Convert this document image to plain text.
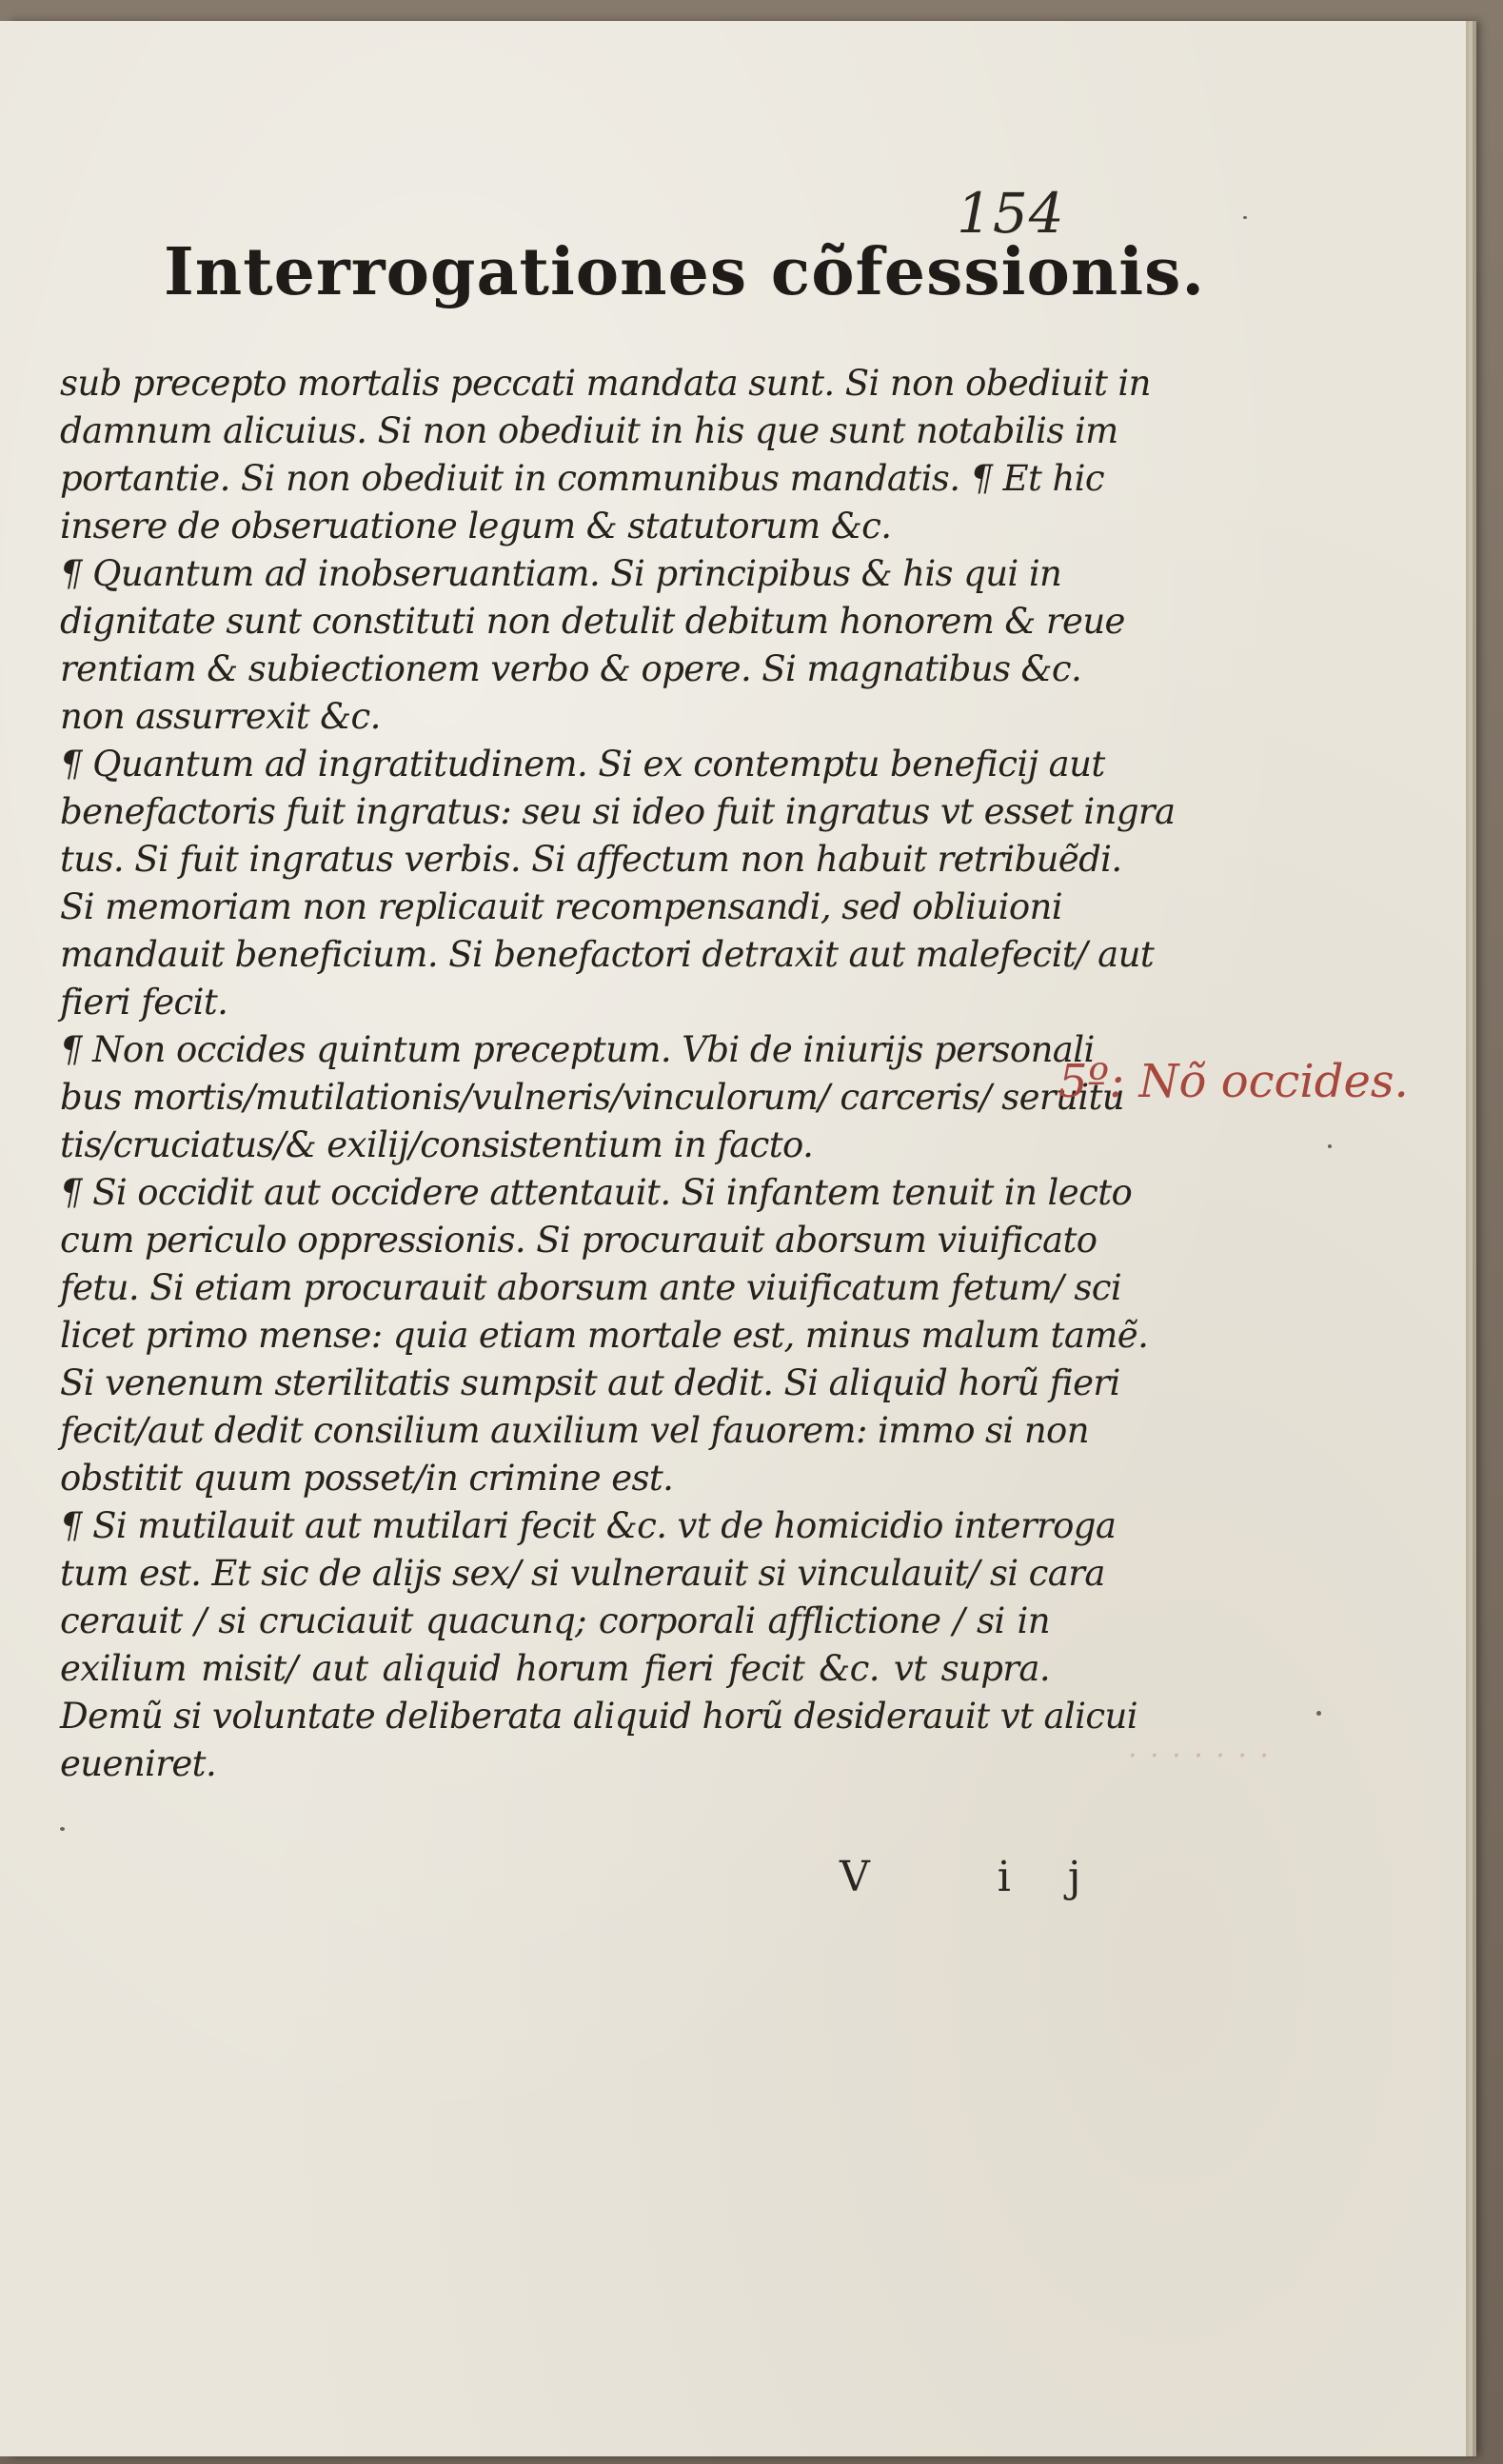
154
Interrogationes cõfessionis.
sub precepto mortalis peccati mandata sunt. Si non obediuit in
damnum alicuius. Si non obediuit in his que sunt notabilis im
portantie. Si non obediuit in communibus mandatis. ¶ Et hic
insere de obseruatione legum & statutorum &c.
¶ Quantum ad inobseruantiam. Si principibus & his qui in
dignitate sunt constituti non detulit debitum honorem & reue
rentiam & subiectionem verbo & opere. Si magnatibus &c.
non assurrexit &c.
¶ Quantum ad ingratitudinem. Si ex contemptu beneficij aut
benefactoris fuit ingratus: seu si ideo fuit ingratus vt esset ingra
tus. Si fuit ingratus verbis. Si affectum non habuit retribuẽdi.
Si memoriam non replicauit recompensandi, sed obliuioni
mandauit beneficium. Si benefactori detraxit aut malefecit/ aut
fieri fecit.
¶ Non occides quintum preceptum. Vbi de iniurijs personali
bus mortis/mutilationis/vulneris/vinculorum/ carceris/ seruitu
tis/cruciatus/& exilij/consistentium in facto.
¶ Si occidit aut occidere attentauit. Si infantem tenuit in lecto
cum periculo oppressionis. Si procurauit aborsum viuificato
fetu. Si etiam procurauit aborsum ante viuificatum fetum/ sci
licet primo mense: quia etiam mortale est, minus malum tamẽ.
Si venenum sterilitatis sumpsit aut dedit. Si aliquid horũ fieri
fecit/aut dedit consilium auxilium vel fauorem: immo si non
obstitit quum posset/in crimine est.
¶ Si mutilauit aut mutilari fecit &c. vt de homicidio interroga
tum est. Et sic de alijs sex/ si vulnerauit si vinculauit/ si cara
cerauit / si cruciauit quacunq; corporali afflictione / si in
exilium misit/ aut aliquid horum fieri fecit &c. vt supra.
Demũ si voluntate deliberata aliquid horũ desiderauit vt alicui
eueniret.
5º: Nõ occides.
V ij
· · · · · · ·
